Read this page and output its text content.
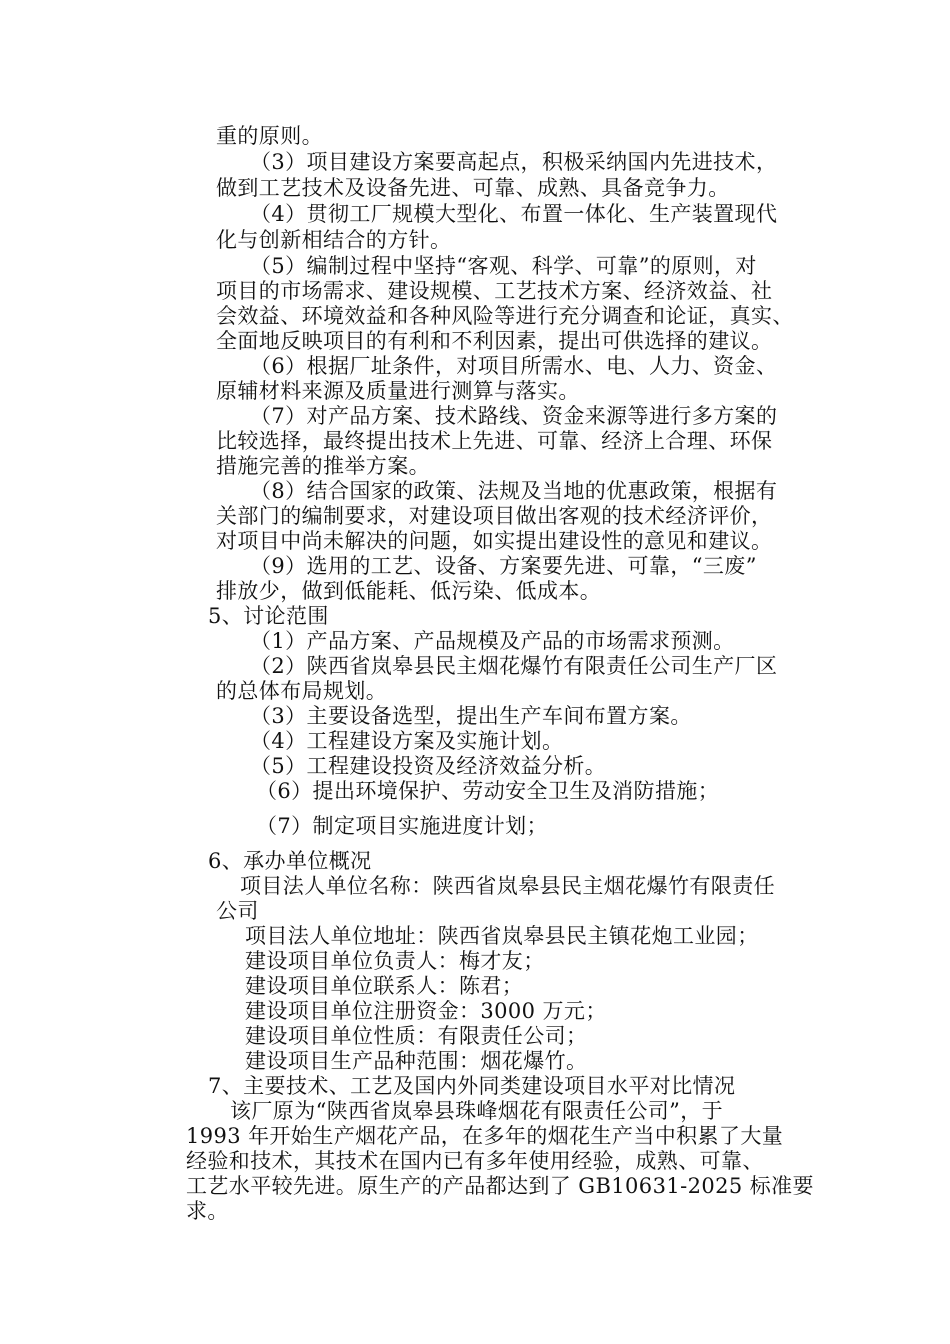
重的原则。

（3）项目建设方案要高起点，积极采纳国内先进技术，

做到工艺技术及设备先进、可靠、成熟、具备竞争力。

（4）贯彻工厂规模大型化、布置一体化、生产装置现代

化与创新相结合的方针。

（5）编制过程中坚持“客观、科学、可靠”的原则，对

项目的市场需求、建设规模、工艺技术方案、经济效益、社

会效益、环境效益和各种风险等进行充分调查和论证，真实、

全面地反映项目的有利和不利因素，提出可供选择的建议。

（6）根据厂址条件，对项目所需水、电、人力、资金、

原辅材料来源及质量进行测算与落实。

（7）对产品方案、技术路线、资金来源等进行多方案的

比较选择，最终提出技术上先进、可靠、经济上合理、环保

措施完善的推举方案。

（8）结合国家的政策、法规及当地的优惠政策，根据有

关部门的编制要求，对建设项目做出客观的技术经济评价，

对项目中尚未解决的问题，如实提出建设性的意见和建议。

（9）选用的工艺、设备、方案要先进、可靠，“三废”

排放少，做到低能耗、低污染、低成本。

5、讨论范围

（1）产品方案、产品规模及产品的市场需求预测。

（2）陕西省岚皋县民主烟花爆竹有限责任公司生产厂区

的总体布局规划。

（3）主要设备选型，提出生产车间布置方案。

（4）工程建设方案及实施计划。

（5）工程建设投资及经济效益分析。

（6）提出环境保护、劳动安全卫生及消防措施；

（7）制定项目实施进度计划；

6、承办单位概况

项目法人单位名称：陕西省岚皋县民主烟花爆竹有限责任

公司

项目法人单位地址：陕西省岚皋县民主镇花炮工业园；

建设项目单位负责人：梅才友；

建设项目单位联系人：陈君；

建设项目单位注册资金：3000 万元；

建设项目单位性质：有限责任公司；

建设项目生产品种范围：烟花爆竹。

7、主要技术、工艺及国内外同类建设项目水平对比情况

该厂原为“陕西省岚皋县珠峰烟花有限责任公司”，于

1993 年开始生产烟花产品，在多年的烟花生产当中积累了大量

经验和技术，其技术在国内已有多年使用经验，成熟、可靠、

工艺水平较先进。原生产的产品都达到了 GB10631-2025 标准要

求。
